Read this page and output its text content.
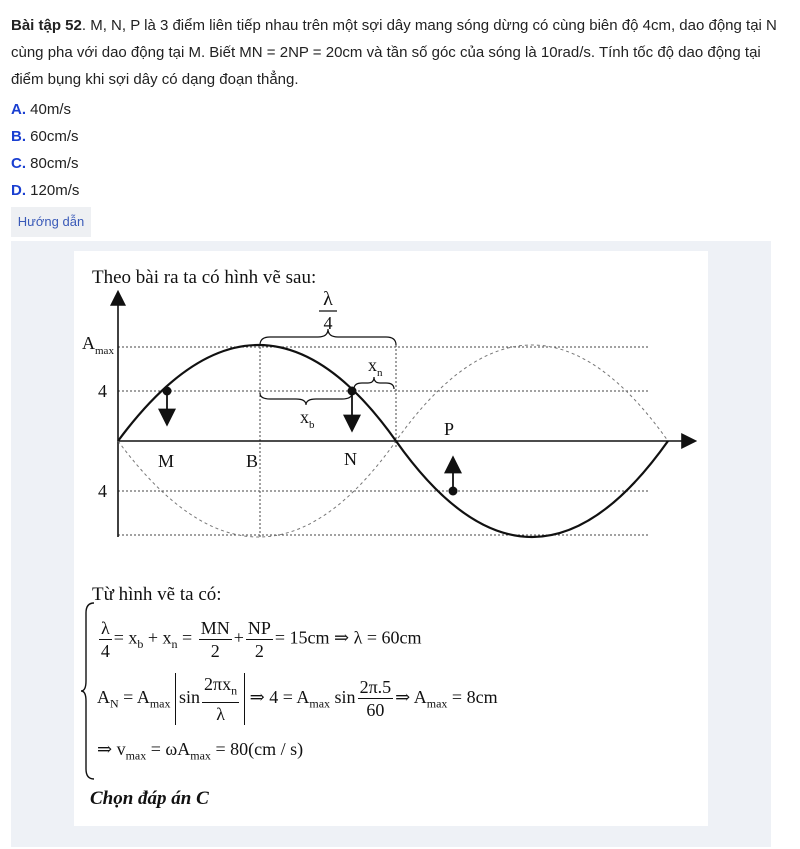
Bài tập 52. M, N, P là 3 điểm liên tiếp nhau trên một sợi dây mang sóng dừng có cùng biên độ 4cm, dao động tại N cùng pha với dao động tại M. Biết MN = 2NP = 20cm và tần số góc của sóng là 10rad/s. Tính tốc độ dao động tại điểm bụng khi sợi dây có dạng đoạn thẳng.
A. 40m/s
B. 60cm/s
C. 80cm/s
D. 120m/s
Hướng dẫn
Theo bài ra ta có hình vẽ sau:
λ
4
$A_{max}$
$x_n$
$x_b$
4
4
M	B	N
P
Từ hình vẽ ta có:
$\frac{\lambda}{4} = x_b + x_n = \frac{MN}{2} + \frac{NP}{2} = 15cm$ ⇒ λ = 60cm
$A_N = A_{max}$ $\sin \frac{2\pi x_n}{\lambda}$ ⇒ $4 = A_{max}$ $\sin \frac{2\pi.5}{60}$ ⇒ $A_{max} = 8cm$
⇒ $v_{max} = \omega A_{max} = 80(cm / s)$
Chọn đáp án C
